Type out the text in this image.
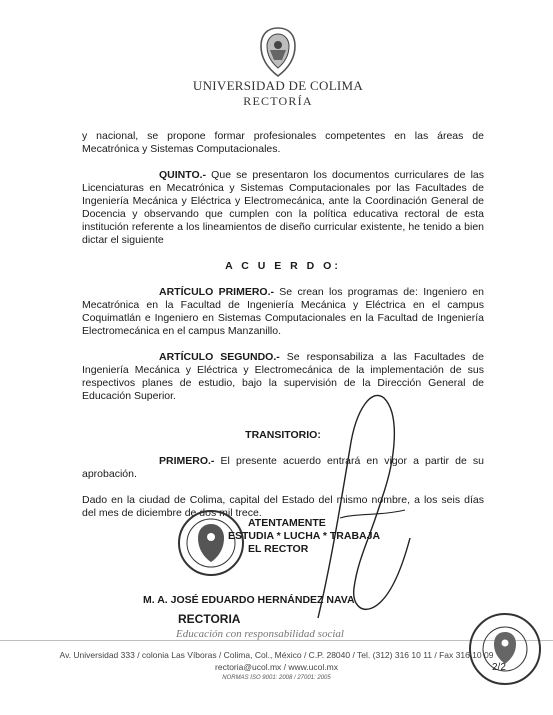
UNIVERSIDAD DE COLIMA
RECTORÍA

y nacional, se propone formar profesionales competentes en las áreas de Mecatrónica y Sistemas Computacionales.

QUINTO.- Que se presentaron los documentos curriculares de las Licenciaturas en Mecatrónica y Sistemas Computacionales por las Facultades de Ingeniería Mecánica y Eléctrica y Electromecánica, ante la Coordinación General de Docencia y observando que cumplen con la política educativa rectoral de esta institución referente a los lineamientos de diseño curricular existente, he tenido a bien dictar el siguiente

A C U E R D O:

ARTÍCULO PRIMERO.- Se crean los programas de: Ingeniero en Mecatrónica en la Facultad de Ingeniería Mecánica y Eléctrica en el campus Coquimatlán e Ingeniero en Sistemas Computacionales en la Facultad de Ingeniería Electromecánica en el campus Manzanillo.

ARTÍCULO SEGUNDO.- Se responsabiliza a las Facultades de Ingeniería Mecánica y Eléctrica y Electromecánica de la implementación de sus respectivos planes de estudio, bajo la supervisión de la Dirección General de Educación Superior.

TRANSITORIO:

PRIMERO.- El presente acuerdo entrará en vigor a partir de su aprobación.

Dado en la ciudad de Colima, capital del Estado del mismo nombre, a los seis días del mes de diciembre de dos mil trece.

ATENTAMENTE
ESTUDIA * LUCHA * TRABAJA
EL RECTOR
M. A. JOSÉ EDUARDO HERNÁNDEZ NAVA
RECTORIA
Educación con responsabilidad social
Av. Universidad 333 / colonia Las Víboras / Colima, Col., México / C.P. 28040 / Tel. (312) 316 10 11 / Fax 316 10 09
rectoria@ucol.mx / www.ucol.mx
NORMAS ISO 9001: 2008 / 27001: 2005
2/2
